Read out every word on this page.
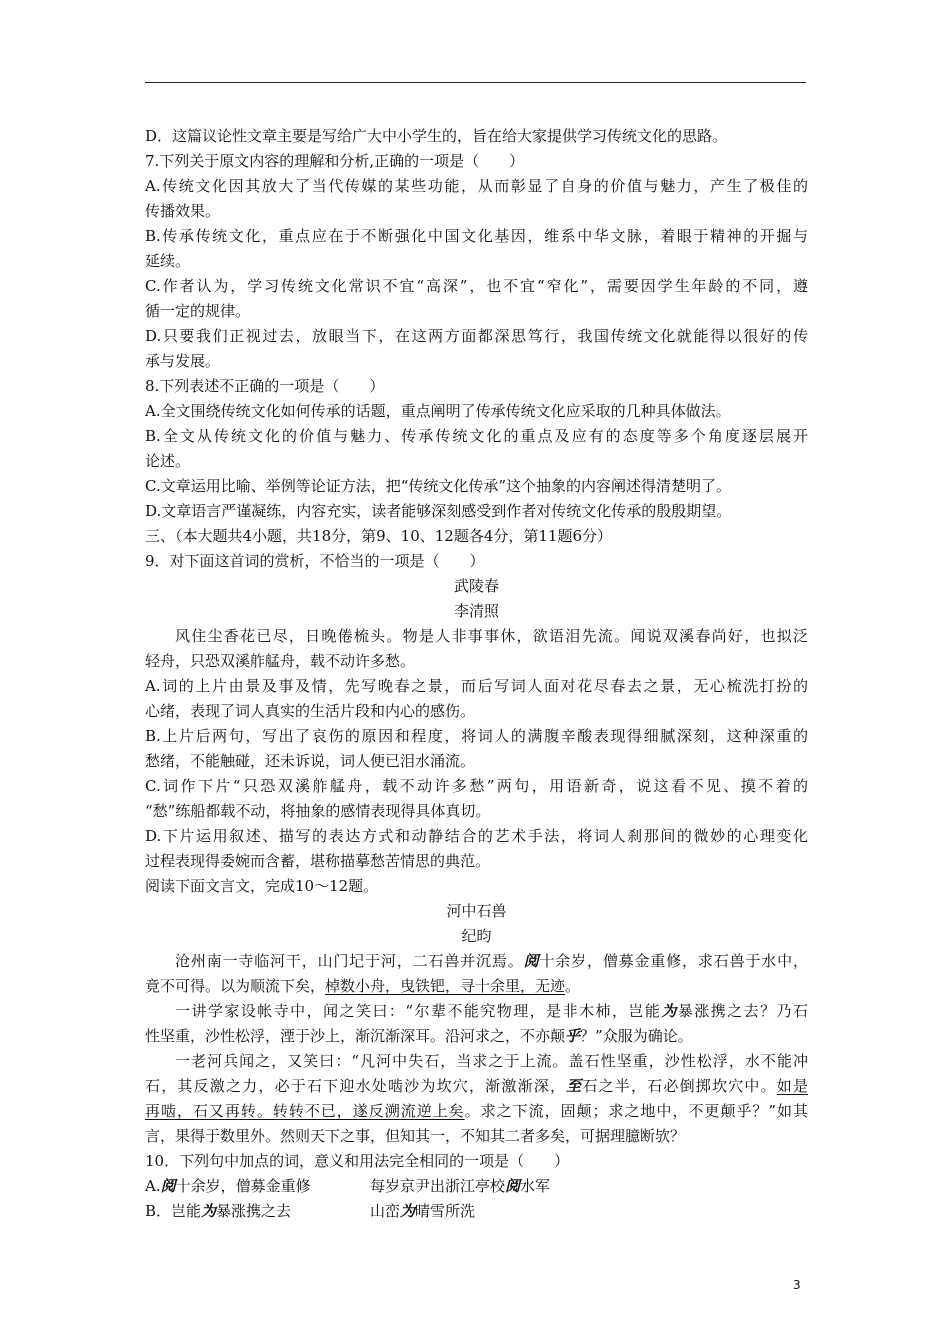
D．这篇议论性文章主要是写给广大中小学生的，旨在给大家提供学习传统文化的思路。
7.下列关于原文内容的理解和分析,正确的一项是（　　）
A.传统文化因其放大了当代传媒的某些功能，从而彰显了自身的价值与魅力，产生了极佳的
传播效果。
B.传承传统文化，重点应在于不断强化中国文化基因，维系中华文脉，着眼于精神的开掘与
延续。
C.作者认为，学习传统文化常识不宜“高深”，也不宜“窄化”，需要因学生年龄的不同，遵
循一定的规律。
D.只要我们正视过去，放眼当下，在这两方面都深思笃行，我国传统文化就能得以很好的传
承与发展。
8.下列表述不正确的一项是（　　）
A.全文围绕传统文化如何传承的话题，重点阐明了传承传统文化应采取的几种具体做法。
B.全文从传统文化的价值与魅力、传承传统文化的重点及应有的态度等多个角度逐层展开
论述。
C.文章运用比喻、举例等论证方法，把“传统文化传承”这个抽象的内容阐述得清楚明了。
D.文章语言严谨凝练，内容充实，读者能够深刻感受到作者对传统文化传承的殷殷期望。
三、（本大题共4小题，共18分，第9、10、12题各4分，第11题6分）
9．对下面这首词的赏析，不恰当的一项是（　　）
武陵春
李清照
风住尘香花已尽，日晚倦梳头。物是人非事事休，欲语泪先流。闻说双溪春尚好，也拟泛
轻舟，只恐双溪舴艋舟，载不动许多愁。
A.词的上片由景及事及情，先写晚春之景，而后写词人面对花尽春去之景，无心梳洗打扮的
心绪，表现了词人真实的生活片段和内心的感伤。
B.上片后两句，写出了哀伤的原因和程度，将词人的满腹辛酸表现得细腻深刻，这种深重的
愁绪，不能触碰，还未诉说，词人便已泪水涌流。
C.词作下片“只恐双溪舴艋舟，载不动许多愁”两句，用语新奇，说这看不见、摸不着的
“愁”练船都载不动，将抽象的感情表现得具体真切。
D.下片运用叙述、描写的表达方式和动静结合的艺术手法，将词人刹那间的微妙的心理变化
过程表现得委婉而含蓄，堪称描摹愁苦情思的典范。
阅读下面文言文，完成10～12题。
河中石兽
纪昀
沧州南一寺临河干，山门圮于河，二石兽并沉焉。阅十余岁，僧募金重修，求石兽于水中，
竟不可得。以为顺流下矣，棹数小舟，曳铁钯，寻十余里，无迹。
一讲学家设帐寺中，闻之笑曰：“尔辈不能究物理，是非木杮，岂能为暴涨携之去？乃石
性坚重，沙性松浮，湮于沙上，渐沉渐深耳。沿河求之，不亦颠乎？”众服为确论。
一老河兵闻之，又笑曰：“凡河中失石，当求之于上流。盖石性坚重，沙性松浮，水不能冲
石，其反激之力，必于石下迎水处啮沙为坎穴，渐激渐深，至石之半，石必倒掷坎穴中。如是
再啮，石又再转。转转不已，遂反溯流逆上矣。求之下流，固颠；求之地中，不更颠乎？”如其
言，果得于数里外。然则天下之事，但知其一，不知其二者多矣，可据理臆断欤？
10．下列句中加点的词，意义和用法完全相同的一项是（　　）
A.阅十余岁，僧募金重修	每岁京尹出浙江亭校阅水军
B．岂能为暴涨携之去	山峦为晴雪所洗
3
